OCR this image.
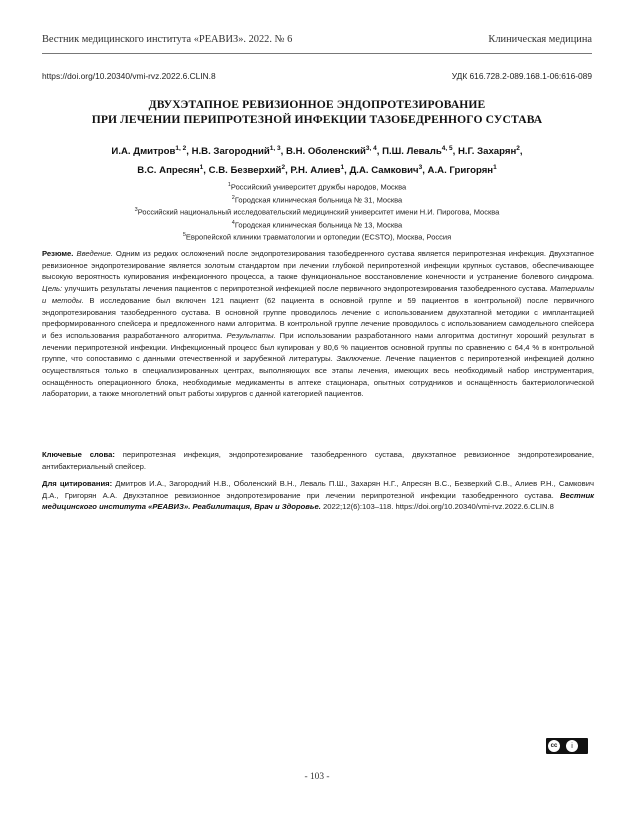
Вестник медицинского института «РЕАВИЗ». 2022. № 6	Клиническая медицина
https://doi.org/10.20340/vmi-rvz.2022.6.CLIN.8	УДК 616.728.2-089.168.1-06:616-089
ДВУХЭТАПНОЕ РЕВИЗИОННОЕ ЭНДОПРОТЕЗИРОВАНИЕ
ПРИ ЛЕЧЕНИИ ПЕРИПРОТЕЗНОЙ ИНФЕКЦИИ ТАЗОБЕДРЕННОГО СУСТАВА
И.А. Дмитров$^{1, 2}$, Н.В. Загородний$^{1, 3}$, В.Н. Оболенский$^{3, 4}$, П.Ш. Леваль$^{4, 5}$, Н.Г. Захарян$^2$,
В.С. Апресян$^1$, С.В. Безверхий$^2$, Р.Н. Алиев$^1$, Д.А. Самкович$^3$, А.А. Григорян$^1$
$^1$Российский университет дружбы народов, Москва
$^2$Городская клиническая больница № 31, Москва
$^3$Российский национальный исследовательский медицинский университет имени Н.И. Пирогова, Москва
$^4$Городская клиническая больница № 13, Москва
$^5$Европейской клиники травматологии и ортопедии (ECSTO), Москва, Россия

Резюме. Введение. Одним из редких осложнений после эндопротезирования тазобедренного сустава является перипротезная инфекция. Двухэтапное ревизионное эндопротезирование является золотым стандартом при лечении глубокой перипротезной инфекции крупных суставов, обеспечивающее высокую вероятность купирования инфекционного процесса, а также функциональное восстановление конечности и устранение болевого синдрома. Цель: улучшить результаты лечения пациентов с перипротезной инфекцией после первичного эндопротезирования тазобедренного сустава. Материалы и методы. В исследование был включен 121 пациент (62 пациента в основной группе и 59 пациентов в контрольной) после первичного эндопротезирования тазобедренного сустава. В основной группе проводилось лечение с использованием двухэтапной методики с имплантацией преформированного спейсера и предложенного нами алгоритма. В контрольной группе лечение проводилось с использованием самодельного спейсера и без использования разработанного алгоритма. Результаты. При использовании разработанного нами алгоритма достигнут хороший результат в лечении перипротезной инфекции. Инфекционный процесс был купирован у 80,6 % пациентов основной группы по сравнению с 64,4 % в контрольной группе, что сопоставимо с данными отечественной и зарубежной литературы. Заключение. Лечение пациентов с перипротезной инфекцией должно осуществляться только в специализированных центрах, выполняющих все этапы лечения, имеющих весь необходимый набор инструментария, оснащённость операционного блока, необходимые медикаменты в аптеке стационара, опытных сотрудников и оснащённость бактериологической лаборатории, а также многолетний опыт работы хирургов с данной категорией пациентов.

Ключевые слова: перипротезная инфекция, эндопротезирование тазобедренного сустава, двухэтапное ревизионное эндопротезирование, антибактериальный спейсер.
Для цитирования: Дмитров И.А., Загородний Н.В., Оболенский В.Н., Леваль П.Ш., Захарян Н.Г., Апресян В.С., Безверхий С.В., Алиев Р.Н., Самкович Д.А., Григорян А.А. Двухэтапное ревизионное эндопротезирование при лечении перипротезной инфекции тазобедренного сустава. Вестник медицинского института «РЕАВИЗ». Реабилитация, Врач и Здоровье. 2022;12(6):103–118. https://doi.org/10.20340/vmi-rvz.2022.6.CLIN.8
cc	i
- 103 -
